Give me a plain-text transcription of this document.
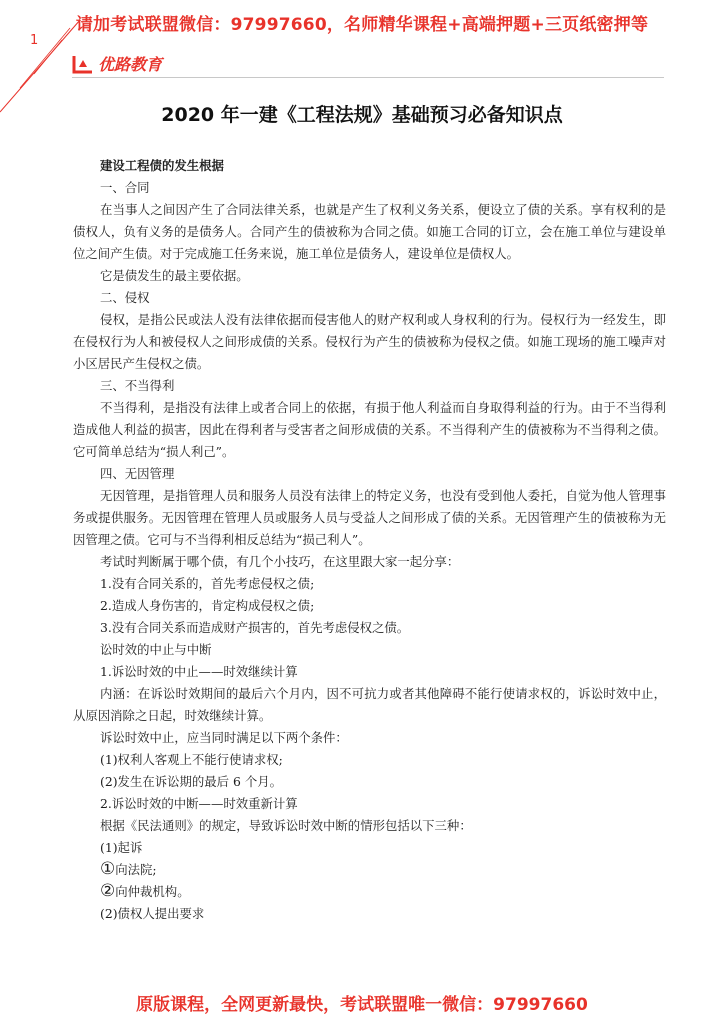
请加考试联盟微信：97997660，名师精华课程+高端押题+三页纸密押等
1
优路教育
2020 年一建《工程法规》基础预习必备知识点

建设工程债的发生根据

一、合同

在当事人之间因产生了合同法律关系，也就是产生了权利义务关系，便设立了债的关系。享有权利的是债权人，负有义务的是债务人。合同产生的债被称为合同之债。如施工合同的订立，会在施工单位与建设单位之间产生债。对于完成施工任务来说，施工单位是债务人，建设单位是债权人。

它是债发生的最主要依据。

二、侵权

侵权，是指公民或法人没有法律依据而侵害他人的财产权利或人身权利的行为。侵权行为一经发生，即在侵权行为人和被侵权人之间形成债的关系。侵权行为产生的债被称为侵权之债。如施工现场的施工噪声对小区居民产生侵权之债。

三、不当得利

不当得利，是指没有法律上或者合同上的依据，有损于他人利益而自身取得利益的行为。由于不当得利造成他人利益的损害，因此在得利者与受害者之间形成债的关系。不当得利产生的债被称为不当得利之债。它可简单总结为“损人利己”。

四、无因管理

无因管理，是指管理人员和服务人员没有法律上的特定义务，也没有受到他人委托，自觉为他人管理事务或提供服务。无因管理在管理人员或服务人员与受益人之间形成了债的关系。无因管理产生的债被称为无因管理之债。它可与不当得利相反总结为“损己利人”。

考试时判断属于哪个债，有几个小技巧，在这里跟大家一起分享：

1.没有合同关系的，首先考虑侵权之债;

2.造成人身伤害的，肯定构成侵权之债;

3.没有合同关系而造成财产损害的，首先考虑侵权之债。

讼时效的中止与中断

1.诉讼时效的中止——时效继续计算

内涵：在诉讼时效期间的最后六个月内，因不可抗力或者其他障碍不能行使请求权的，诉讼时效中止，从原因消除之日起，时效继续计算。

诉讼时效中止，应当同时满足以下两个条件：

(1)权利人客观上不能行使请求权;

(2)发生在诉讼期的最后 6 个月。

2.诉讼时效的中断——时效重新计算

根据《民法通则》的规定，导致诉讼时效中断的情形包括以下三种：

(1)起诉

①向法院;

②向仲裁机构。

(2)债权人提出要求

原版课程，全网更新最快，考试联盟唯一微信：97997660
